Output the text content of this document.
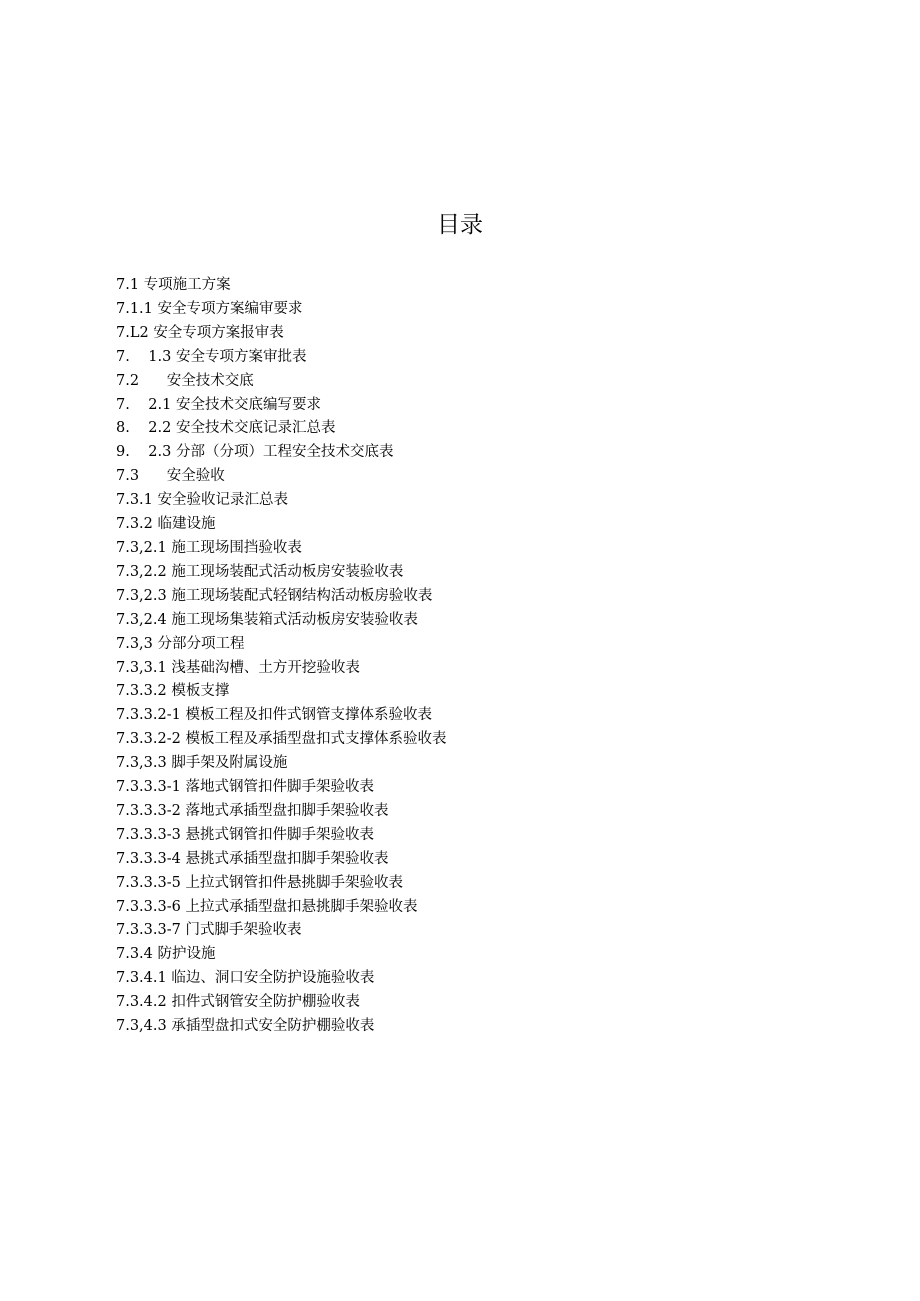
目录
7.1 专项施工方案
7.1.1 安全专项方案编审要求
7.L2 安全专项方案报审表
7.    1.3 安全专项方案审批表
7.2 安全技术交底
7.    2.1 安全技术交底编写要求
8.    2.2 安全技术交底记录汇总表
9.    2.3 分部（分项）工程安全技术交底表
7.3 安全验收
7.3.1 安全验收记录汇总表
7.3.2 临建设施
7.3,2.1 施工现场围挡验收表
7.3,2.2 施工现场装配式活动板房安装验收表
7.3,2.3 施工现场装配式轻钢结构活动板房验收表
7.3,2.4 施工现场集装箱式活动板房安装验收表
7.3,3 分部分项工程
7.3,3.1 浅基础沟槽、土方开挖验收表
7.3.3.2 模板支撑
7.3.3.2-1 模板工程及扣件式钢管支撑体系验收表
7.3.3.2-2 模板工程及承插型盘扣式支撑体系验收表
7.3,3.3 脚手架及附属设施
7.3.3.3-1 落地式钢管扣件脚手架验收表
7.3.3.3-2 落地式承插型盘扣脚手架验收表
7.3.3.3-3 悬挑式钢管扣件脚手架验收表
7.3.3.3-4 悬挑式承插型盘扣脚手架验收表
7.3.3.3-5 上拉式钢管扣件悬挑脚手架验收表
7.3.3.3-6 上拉式承插型盘扣悬挑脚手架验收表
7.3.3.3-7 门式脚手架验收表
7.3.4 防护设施
7.3.4.1 临边、洞口安全防护设施验收表
7.3.4.2 扣件式钢管安全防护棚验收表
7.3,4.3 承插型盘扣式安全防护棚验收表
